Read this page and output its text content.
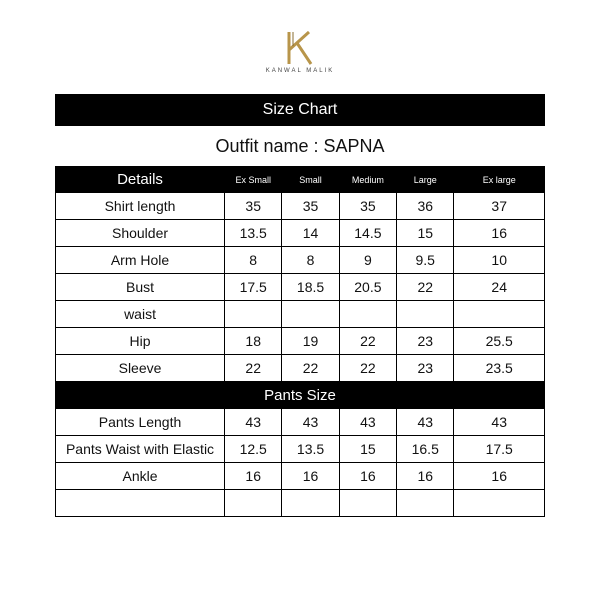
KANWAL MALIK
Size Chart
Outfit name : SAPNA
Details	Ex Small	Small	Medium	Large	Ex large
Shirt length	35	35	35	36	37
Shoulder	13.5	14	14.5	15	16
Arm Hole	8	8	9	9.5	10
Bust	17.5	18.5	20.5	22	24
waist					
Hip	18	19	22	23	25.5
Sleeve	22	22	22	23	23.5
Pants Size					
Pants Length	43	43	43	43	43
Pants Waist with Elastic	12.5	13.5	15	16.5	17.5
Ankle	16	16	16	16	16
